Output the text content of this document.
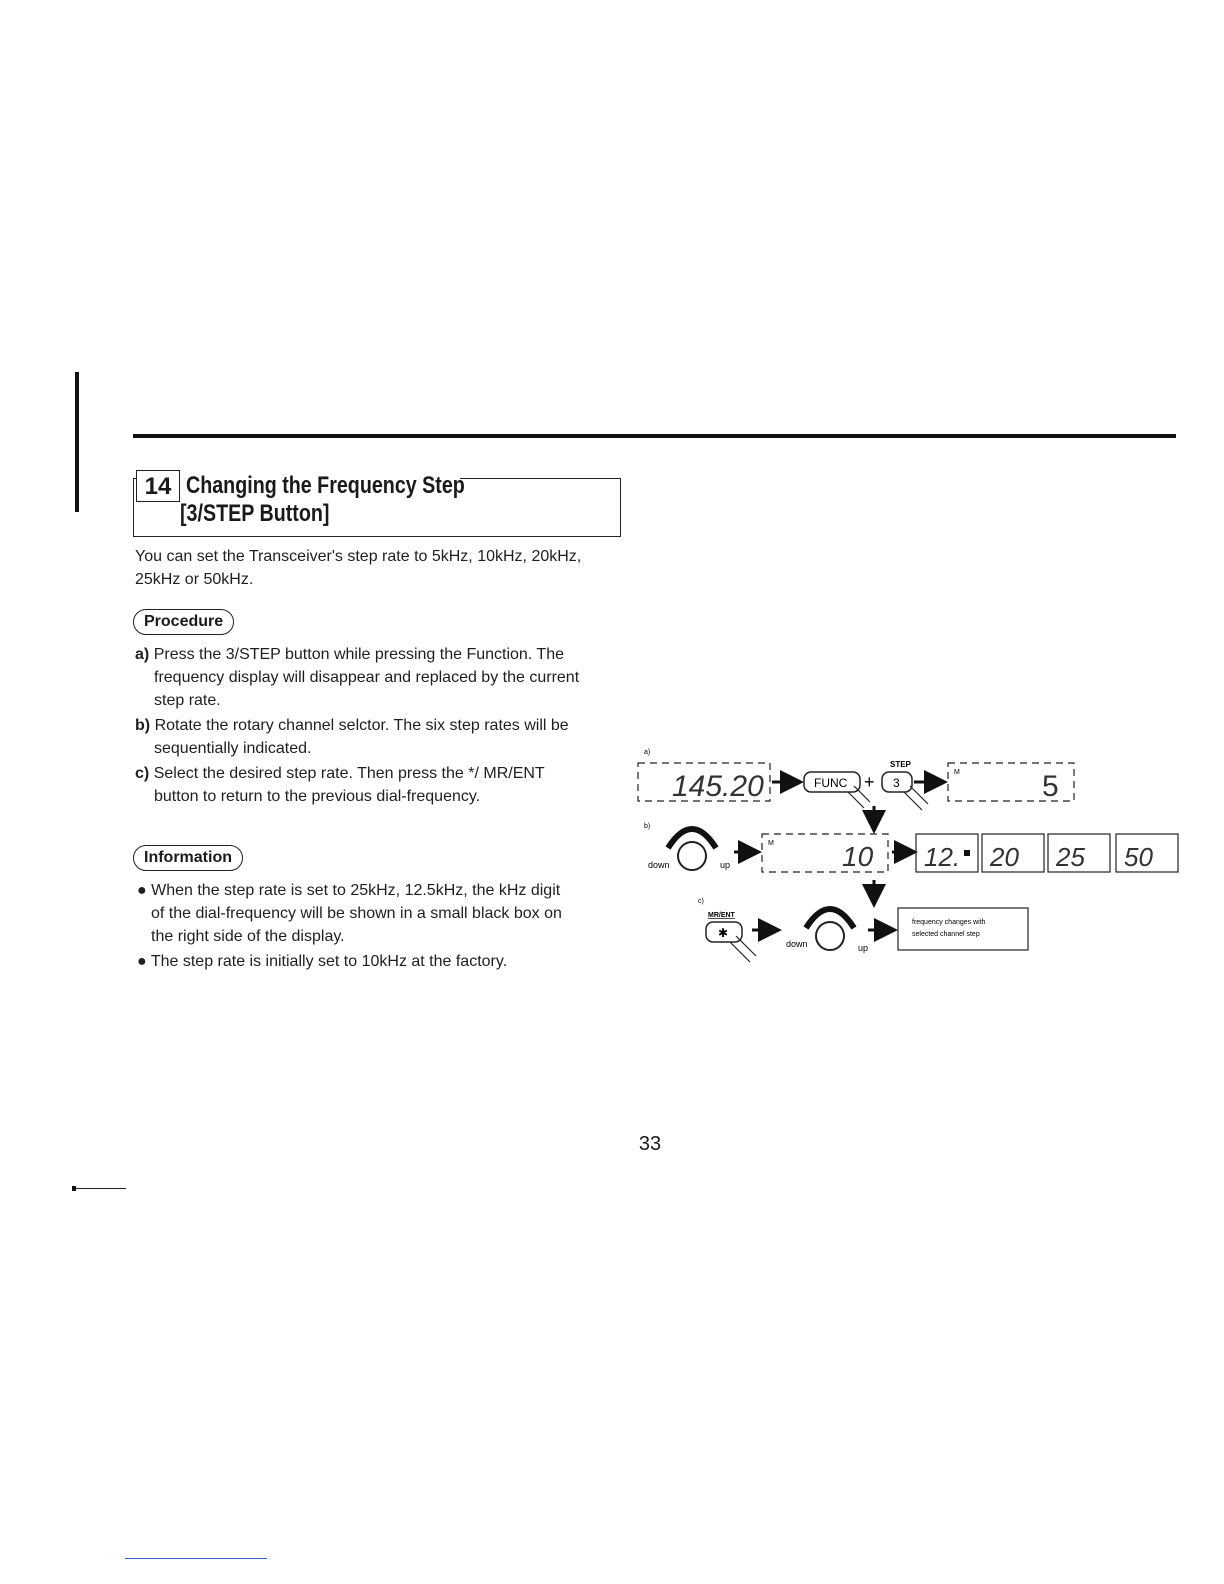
14 Changing the Frequency Step
[3/STEP Button]
You can set the Transceiver's step rate to 5kHz, 10kHz, 20kHz,
25kHz or 50kHz.
Procedure
a) Press the 3/STEP button while pressing the Function. The
frequency display will disappear and replaced by the current
step rate.
b) Rotate the rotary channel selctor. The six step rates will be
sequentially indicated.
c) Select the desired step rate. Then press the */ MR/ENT
button to return to the previous dial-frequency.
Information
● When the step rate is set to 25kHz, 12.5kHz, the kHz digit
of the dial-frequency will be shown in a small black box on
the right side of the display.
● The step rate is initially set to 10kHz at the factory.
a)
145.20	FUNC +
STEP
3
M	5
b)
down	up
M 10 12. 20 25 50
c)
MR/ENT
✱
down	up
frequency changes with
selected channel step
33
